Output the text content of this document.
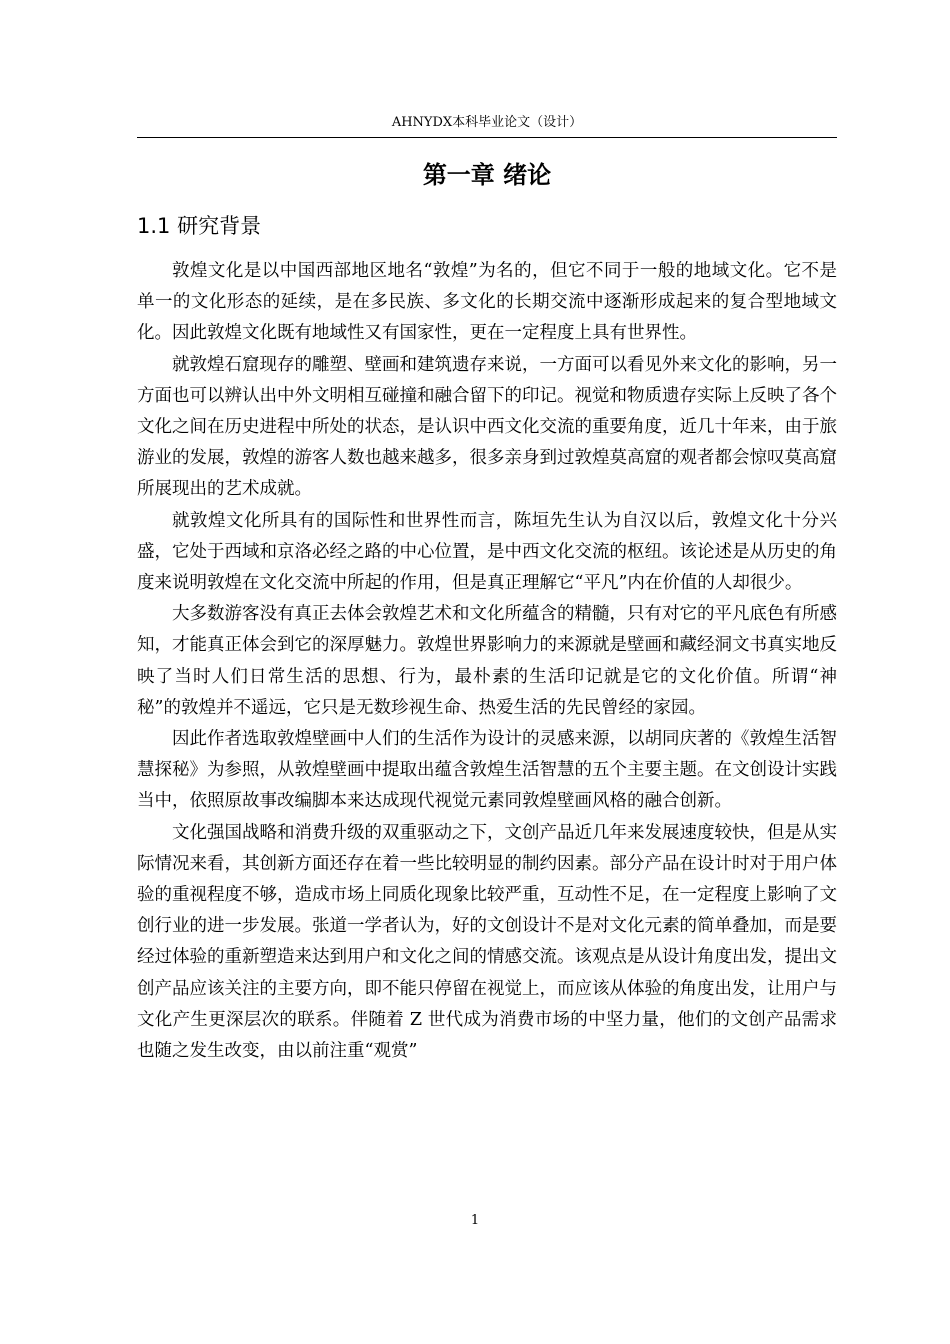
AHNYDX本科毕业论文（设计）
第一章 绪论
1.1 研究背景

敦煌文化是以中国西部地区地名“敦煌”为名的，但它不同于一般的地域文化。它不是单一的文化形态的延续，是在多民族、多文化的长期交流中逐渐形成起来的复合型地域文化。因此敦煌文化既有地域性又有国家性，更在一定程度上具有世界性。

就敦煌石窟现存的雕塑、壁画和建筑遗存来说，一方面可以看见外来文化的影响，另一方面也可以辨认出中外文明相互碰撞和融合留下的印记。视觉和物质遗存实际上反映了各个文化之间在历史进程中所处的状态，是认识中西文化交流的重要角度，近几十年来，由于旅游业的发展，敦煌的游客人数也越来越多，很多亲身到过敦煌莫高窟的观者都会惊叹莫高窟所展现出的艺术成就。

就敦煌文化所具有的国际性和世界性而言，陈垣先生认为自汉以后，敦煌文化十分兴盛，它处于西域和京洛必经之路的中心位置，是中西文化交流的枢纽。该论述是从历史的角度来说明敦煌在文化交流中所起的作用，但是真正理解它“平凡”内在价值的人却很少。

大多数游客没有真正去体会敦煌艺术和文化所蕴含的精髓，只有对它的平凡底色有所感知，才能真正体会到它的深厚魅力。敦煌世界影响力的来源就是壁画和藏经洞文书真实地反映了当时人们日常生活的思想、行为，最朴素的生活印记就是它的文化价值。所谓“神秘”的敦煌并不遥远，它只是无数珍视生命、热爱生活的先民曾经的家园。

因此作者选取敦煌壁画中人们的生活作为设计的灵感来源，以胡同庆著的《敦煌生活智慧探秘》为参照，从敦煌壁画中提取出蕴含敦煌生活智慧的五个主要主题。在文创设计实践当中，依照原故事改编脚本来达成现代视觉元素同敦煌壁画风格的融合创新。

文化强国战略和消费升级的双重驱动之下，文创产品近几年来发展速度较快，但是从实际情况来看，其创新方面还存在着一些比较明显的制约因素。部分产品在设计时对于用户体验的重视程度不够，造成市场上同质化现象比较严重，互动性不足，在一定程度上影响了文创行业的进一步发展。张道一学者认为，好的文创设计不是对文化元素的简单叠加，而是要经过体验的重新塑造来达到用户和文化之间的情感交流。该观点是从设计角度出发，提出文创产品应该关注的主要方向，即不能只停留在视觉上，而应该从体验的角度出发，让用户与文化产生更深层次的联系。伴随着 Z 世代成为消费市场的中坚力量，他们的文创产品需求也随之发生改变，由以前注重“观赏”

1
